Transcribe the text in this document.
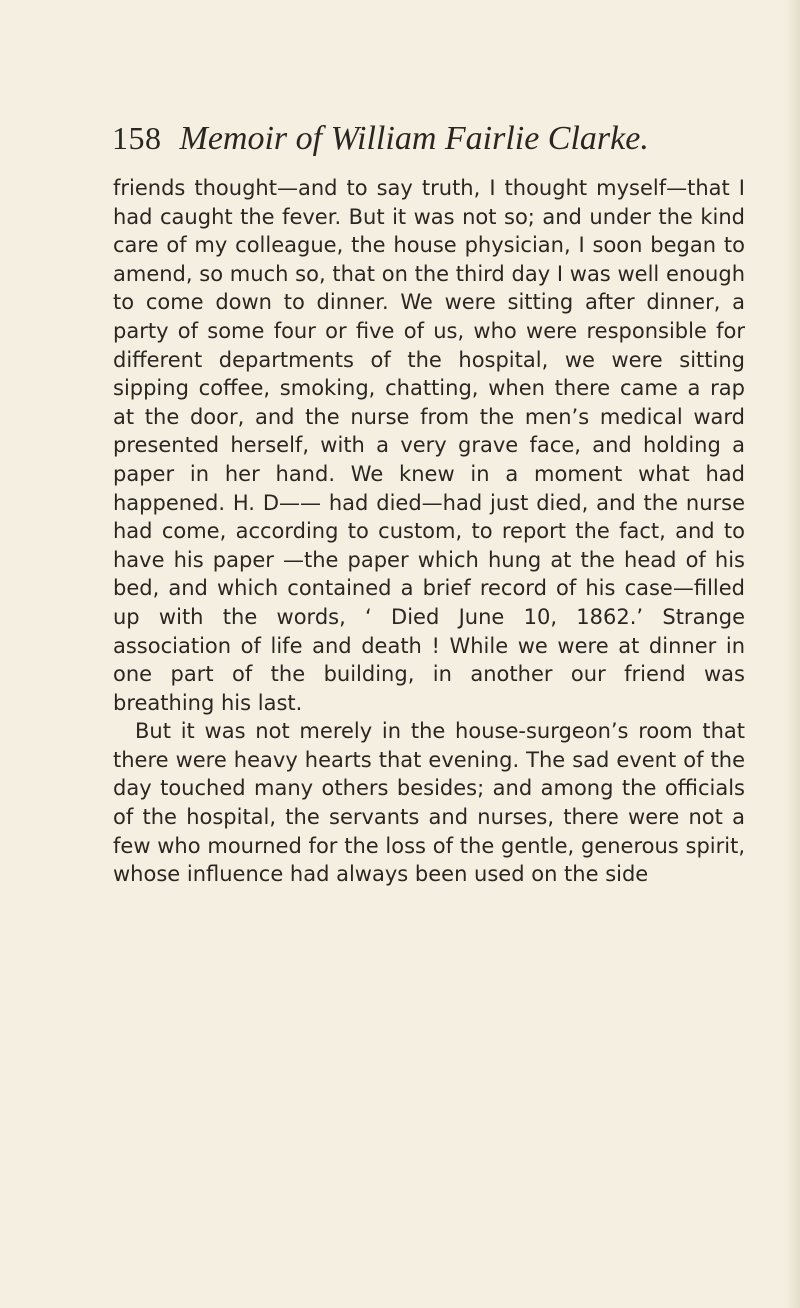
158 Memoir of William Fairlie Clarke.

friends thought—and to say truth, I thought myself—that I had caught the fever. But it was not so; and under the kind care of my colleague, the house physician, I soon began to amend, so much so, that on the third day I was well enough to come down to dinner. We were sitting after dinner, a party of some four or five of us, who were responsible for different departments of the hospital, we were sitting sipping coffee, smoking, chatting, when there came a rap at the door, and the nurse from the men’s medical ward presented herself, with a very grave face, and holding a paper in her hand. We knew in a moment what had happened. H. D—— had died—had just died, and the nurse had come, according to custom, to report the fact, and to have his paper —the paper which hung at the head of his bed, and which contained a brief record of his case—filled up with the words, ‘ Died June 10, 1862.’ Strange association of life and death ! While we were at dinner in one part of the building, in another our friend was breathing his last.

But it was not merely in the house-surgeon’s room that there were heavy hearts that evening. The sad event of the day touched many others besides; and among the officials of the hospital, the servants and nurses, there were not a few who mourned for the loss of the gentle, generous spirit, whose influence had always been used on the side
